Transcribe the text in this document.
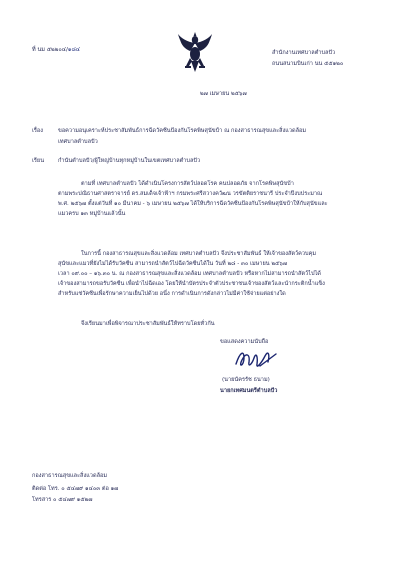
ที่ นม ๕๒๒๐๔/๑๘๔	สำนักงานเทศบาลตำบลปัว
ถนนสนามบินเก่า นน ๕๕๑๒๐
๒๗ เมษายน ๒๕๖๗
เรื่อง	ขอความอนุเคราะห์ประชาสัมพันธ์การฉีดวัคซีนป้องกันโรคพิษสุนัขบ้า ณ กองสาธารณสุขและสิ่งแวดล้อม
เทศบาลตำบลปัว
เรียน กำนันตำบลปัว/ผู้ใหญ่บ้านทุกหมู่บ้านในเขตเทศบาลตำบลปัว
ตามที่ เทศบาลตำบลปัว ได้ดำเนินโครงการสัตว์ปลอดโรค คนปลอดภัย จากโรคพิษสุนัขบ้า
ตามพระปณิธานศาสตราจารย์ ดร.สมเด็จเจ้าฟ้าฯ กรมพระศรีสวางควัฒน วรขัตติยราชนารี ประจำปีงบประมาณ
พ.ศ. ๒๕๖๗ ตั้งแต่วันที่ ๑๐ มีนาคม - ๖ เมษายน ๒๕๖๗ ได้ให้บริการฉีดวัคซีนป้องกันโรคพิษสุนัขบ้าให้กับสุนัขและ
แมวครบ ๑๓ หมู่บ้านแล้วนั้น
ในการนี้ กองสาธารณสุขและสิ่งแวดล้อม เทศบาลตำบลปัว จึงประชาสัมพันธ์ ให้เจ้าของสัตว์ควบคุม
สุนัขและแมวที่ยังไม่ได้รับวัคซีน สามารถนำสัตว์ไปฉีดวัคซีนได้ใน วันที่ ๒๘ - ๓๐ เมษายน ๒๕๖๗
เวลา ๐๙.๐๐ – ๑๖.๓๐ น. ณ กองสาธารณสุขและสิ่งแวดล้อม เทศบาลตำบลปัว หรือหากไม่สามารถนำสัตว์ไปได้
เจ้าของสามารถขอรับวัคซีน เพื่อนำไปฉีดเอง โดยให้นำบัตรประจำตัวประชาชนเจ้าของสัตว์และนำกระติกน้ำแข็ง
สำหรับแช่วัคซีนเพื่อรักษาความเย็นไปด้วย อนึ่ง การดำเนินการดังกล่าวไม่มีค่าใช้จ่ายแต่อย่างใด
จึงเรียนมาเพื่อพิจารณาประชาสัมพันธ์ให้ทราบโดยทั่วกัน
ขอแสดงความนับถือ
(นายนัครรัช ธนาม)
นายกเทศมนตรีตำบลปัว
กองสาธารณสุขและสิ่งแวดล้อม
ติดต่อ โทร. ๐ ๕๔๗๙ ๑๔๐๓ ต่อ ๑๗
โทรสาร ๐ ๕๔๗๙ ๑๕๒๗
